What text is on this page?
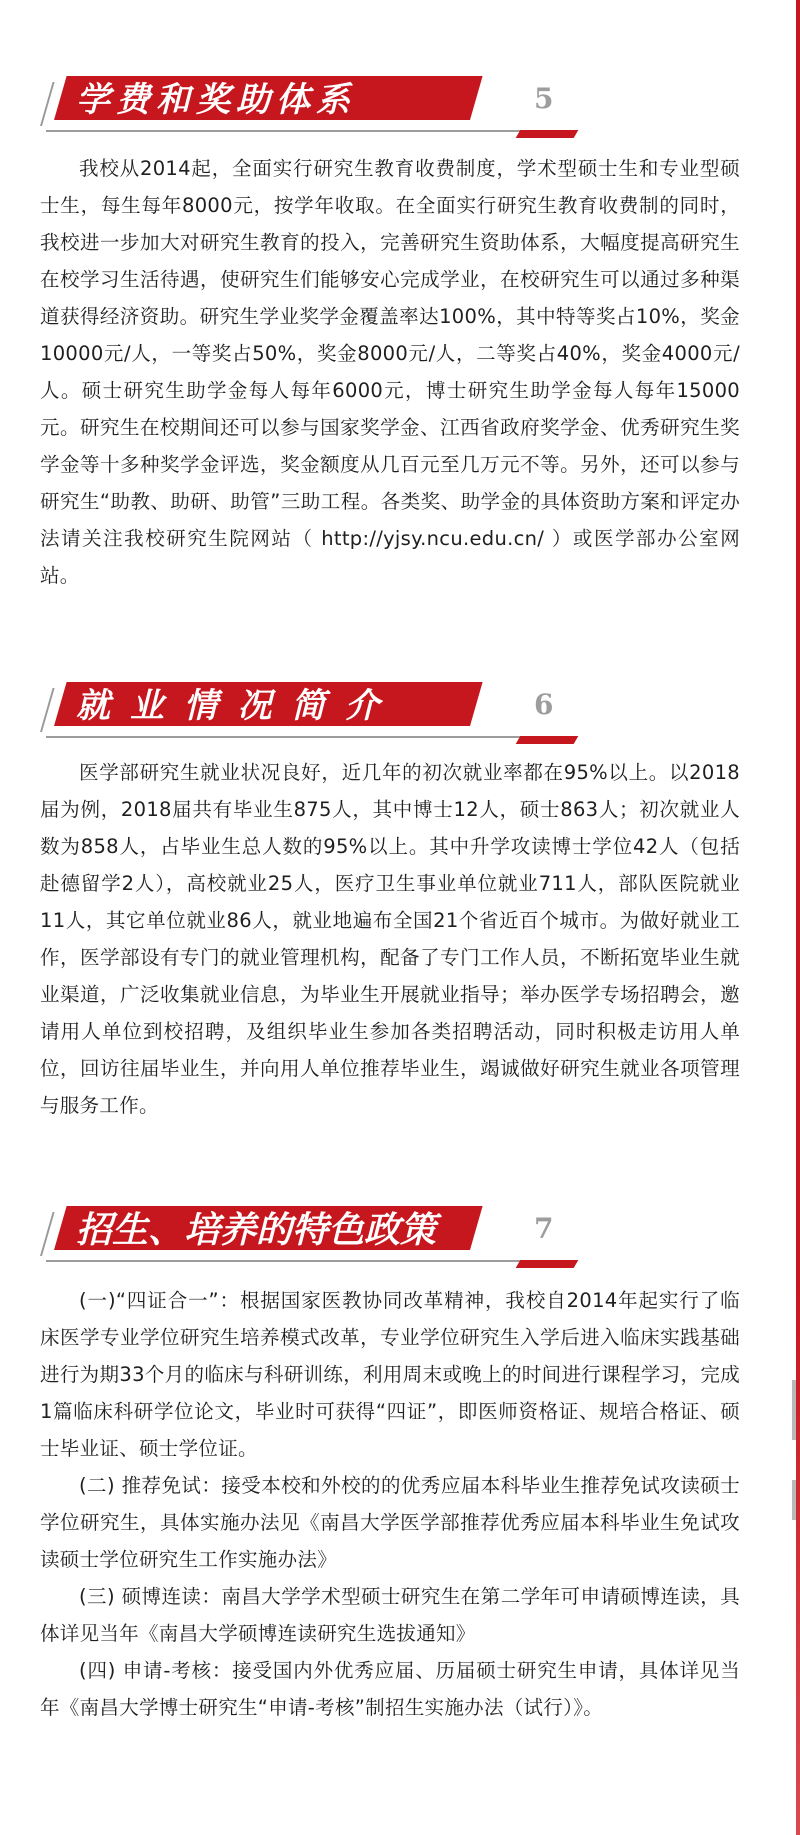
学费和奖助体系	5

我校从2014起，全面实行研究生教育收费制度，学术型硕士生和专业型硕士生，每生每年8000元，按学年收取。在全面实行研究生教育收费制的同时，我校进一步加大对研究生教育的投入，完善研究生资助体系，大幅度提高研究生在校学习生活待遇，使研究生们能够安心完成学业，在校研究生可以通过多种渠道获得经济资助。研究生学业奖学金覆盖率达100%，其中特等奖占10%，奖金10000元/人，一等奖占50%，奖金8000元/人，二等奖占40%，奖金4000元/人。硕士研究生助学金每人每年6000元，博士研究生助学金每人每年15000元。研究生在校期间还可以参与国家奖学金、江西省政府奖学金、优秀研究生奖学金等十多种奖学金评选，奖金额度从几百元至几万元不等。另外，还可以参与研究生“助教、助研、助管”三助工程。各类奖、助学金的具体资助方案和评定办法请关注我校研究生院网站（ http://yjsy.ncu.edu.cn/ ）或医学部办公室网站。

就 业 情 况 简 介	6

医学部研究生就业状况良好，近几年的初次就业率都在95%以上。以2018届为例，2018届共有毕业生875人，其中博士12人，硕士863人；初次就业人数为858人，占毕业生总人数的95%以上。其中升学攻读博士学位42人（包括赴德留学2人），高校就业25人，医疗卫生事业单位就业711人，部队医院就业 11人，其它单位就业86人，就业地遍布全国21个省近百个城市。为做好就业工作，医学部设有专门的就业管理机构，配备了专门工作人员，不断拓宽毕业生就业渠道，广泛收集就业信息，为毕业生开展就业指导；举办医学专场招聘会，邀请用人单位到校招聘，及组织毕业生参加各类招聘活动，同时积极走访用人单位，回访往届毕业生，并向用人单位推荐毕业生，竭诚做好研究生就业各项管理与服务工作。

招生、培养的特色政策	7

(一)“四证合一”：根据国家医教协同改革精神，我校自2014年起实行了临床医学专业学位研究生培养模式改革，专业学位研究生入学后进入临床实践基础进行为期33个月的临床与科研训练，利用周末或晚上的时间进行课程学习，完成1篇临床科研学位论文，毕业时可获得“四证”，即医师资格证、规培合格证、硕士毕业证、硕士学位证。

(二) 推荐免试：接受本校和外校的的优秀应届本科毕业生推荐免试攻读硕士学位研究生，具体实施办法见《南昌大学医学部推荐优秀应届本科毕业生免试攻读硕士学位研究生工作实施办法》

(三) 硕博连读：南昌大学学术型硕士研究生在第二学年可申请硕博连读，具体详见当年《南昌大学硕博连读研究生选拔通知》

(四) 申请-考核：接受国内外优秀应届、历届硕士研究生申请，具体详见当年《南昌大学博士研究生“申请-考核”制招生实施办法（试行）》。
